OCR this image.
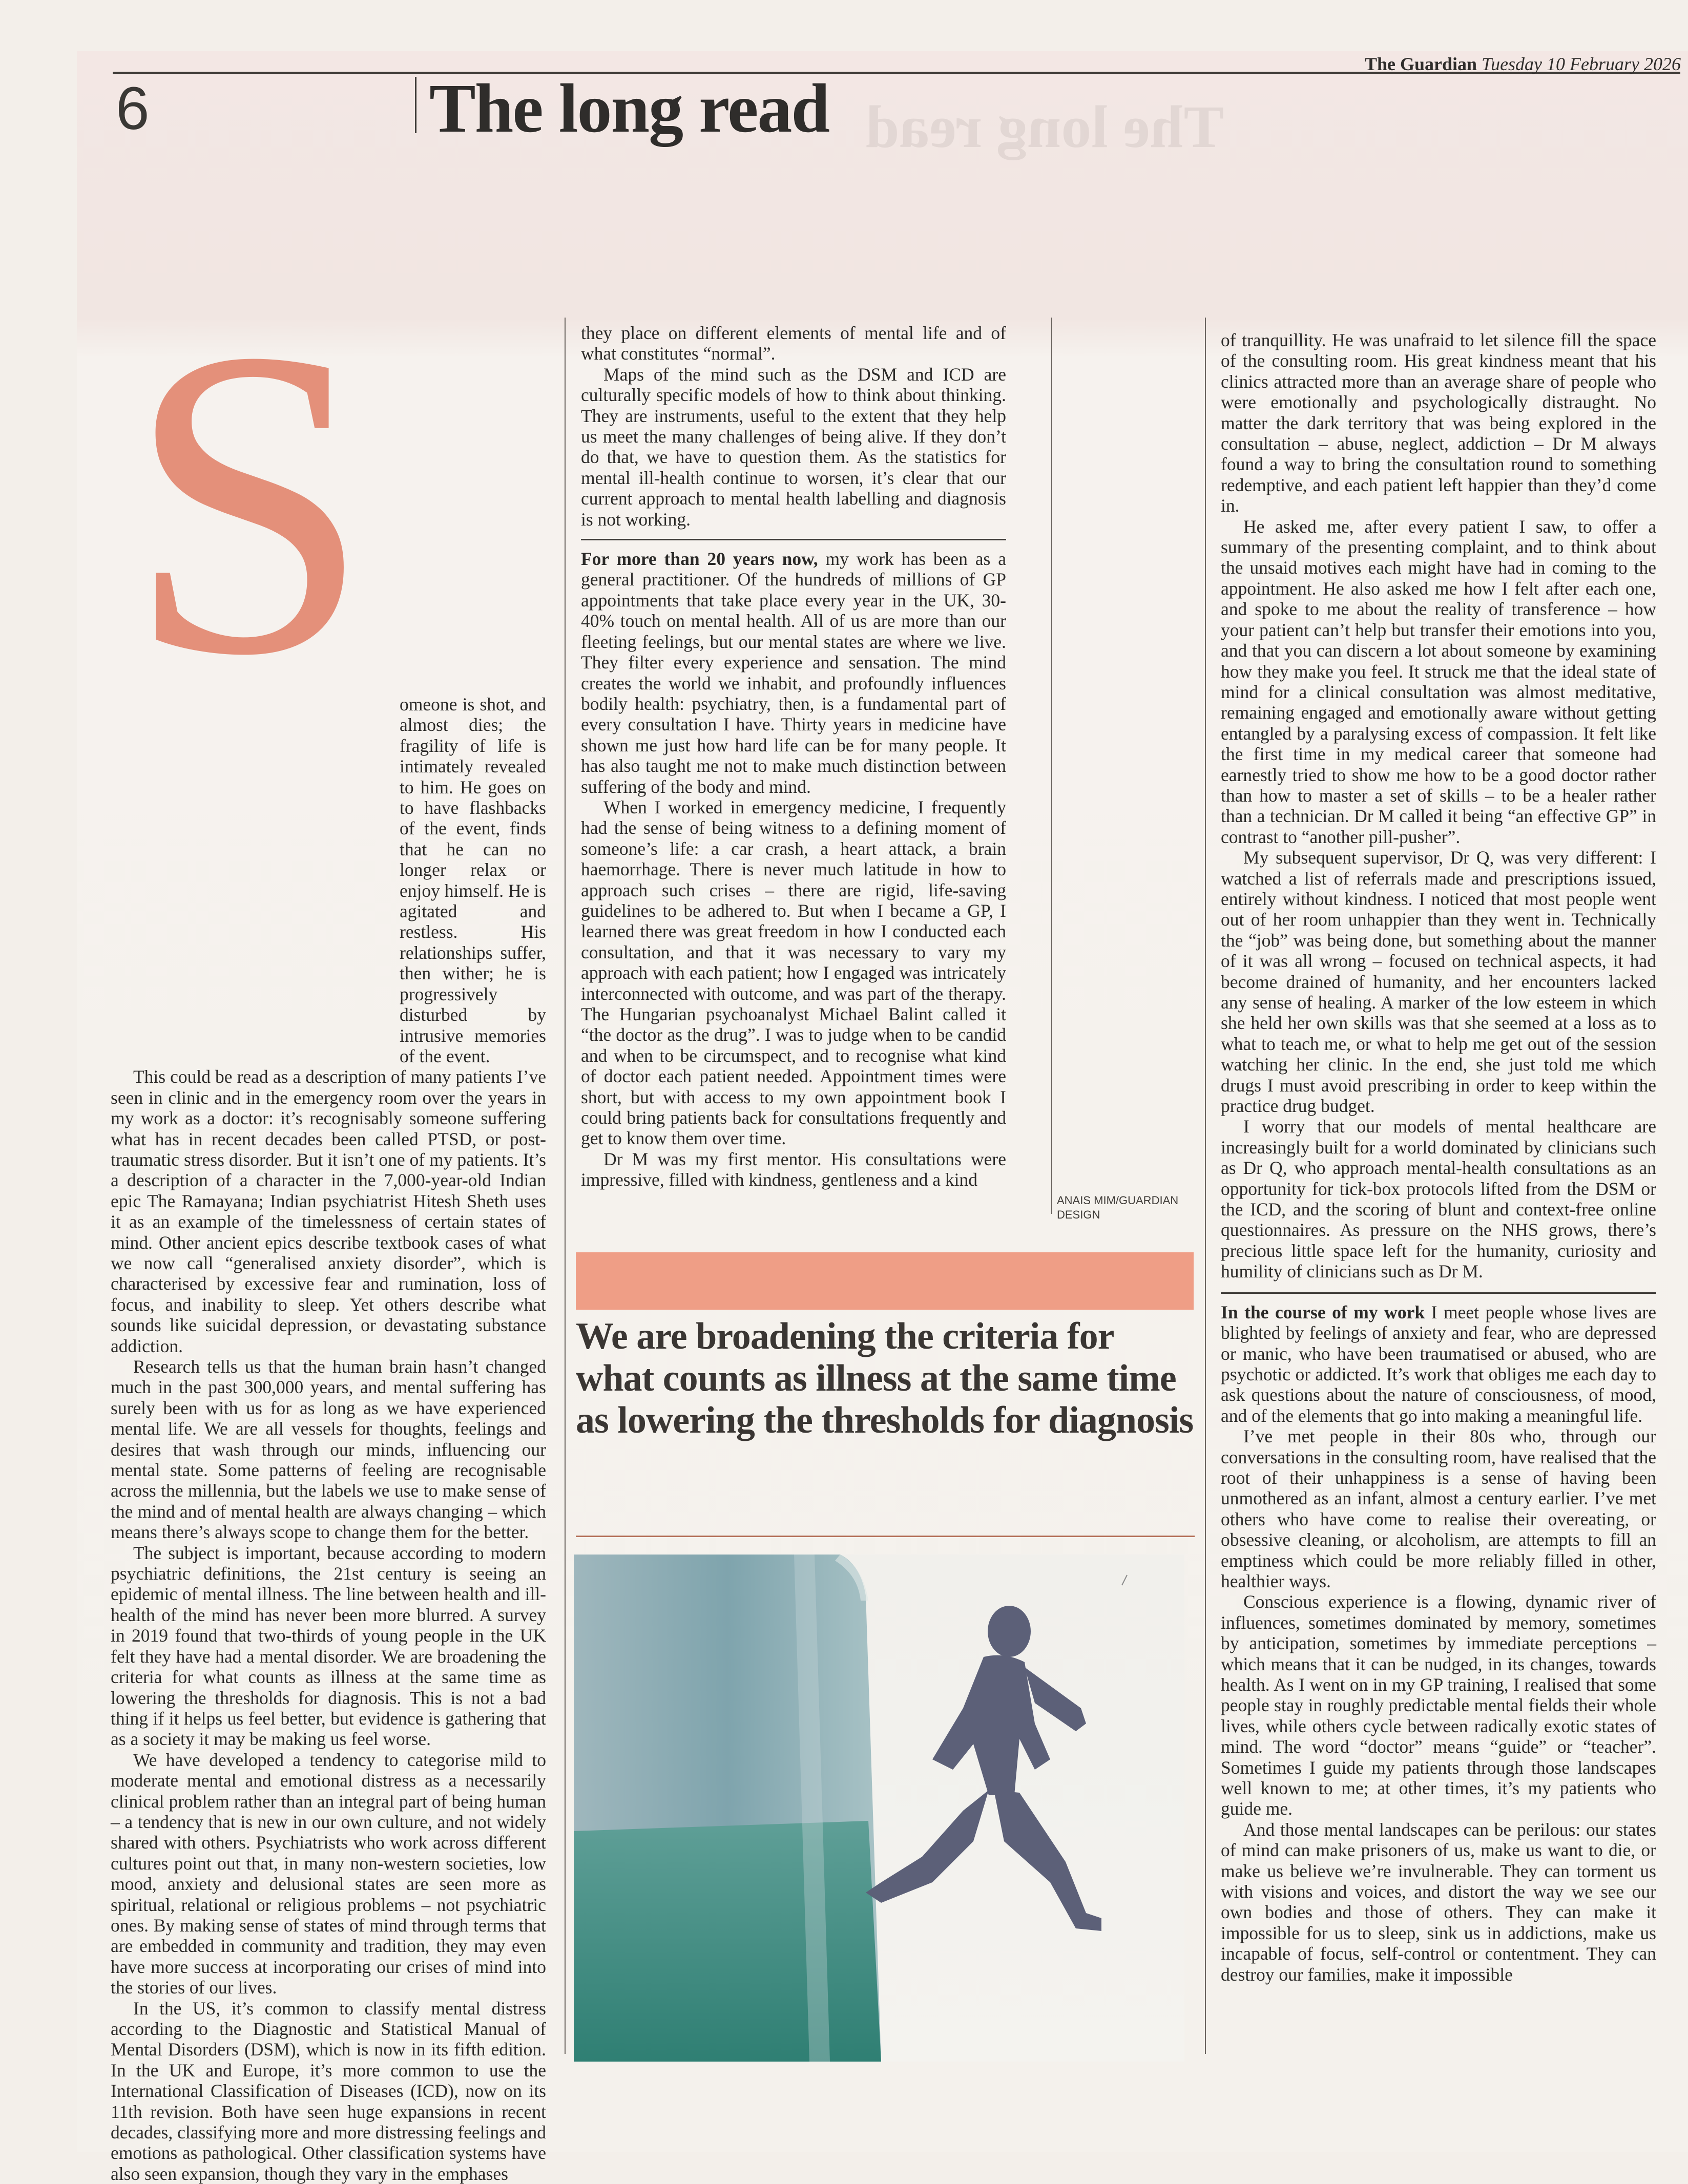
The long read
The Guardian Tuesday 10 February 2026
6	The long read
S	omeone is shot, and almost dies; the fragility of life is intimately revealed to him. He goes on to have flashbacks of the event, finds that he can no longer relax or enjoy himself. He is agitated and restless. His relationships suffer, then wither; he is progressively disturbed by intrusive memories of the event.

This could be read as a description of many patients I’ve seen in clinic and in the emergency room over the years in my work as a doctor: it’s recognisably someone suffering what has in recent decades been called PTSD, or post-traumatic stress disorder. But it isn’t one of my patients. It’s a description of a character in the 7,000-year-old Indian epic The Ramayana; Indian psychiatrist Hitesh Sheth uses it as an example of the timelessness of certain states of mind. Other ancient epics describe textbook cases of what we now call “generalised anxiety disorder”, which is characterised by excessive fear and rumination, loss of focus, and inability to sleep. Yet others describe what sounds like suicidal depression, or devastating substance addiction.

Research tells us that the human brain hasn’t changed much in the past 300,000 years, and mental suffering has surely been with us for as long as we have experienced mental life. We are all vessels for thoughts, feelings and desires that wash through our minds, influencing our mental state. Some patterns of feeling are recognisable across the millennia, but the labels we use to make sense of the mind and of mental health are always changing – which means there’s always scope to change them for the better.

The subject is important, because according to modern psychiatric definitions, the 21st century is seeing an epidemic of mental illness. The line between health and ill-health of the mind has never been more blurred. A survey in 2019 found that two-thirds of young people in the UK felt they have had a mental disorder. We are broadening the criteria for what counts as illness at the same time as lowering the thresholds for diagnosis. This is not a bad thing if it helps us feel better, but evidence is gathering that as a society it may be making us feel worse.

We have developed a tendency to categorise mild to moderate mental and emotional distress as a necessarily clinical problem rather than an integral part of being human – a tendency that is new in our own culture, and not widely shared with others. Psychiatrists who work across different cultures point out that, in many non-western societies, low mood, anxiety and delusional states are seen more as spiritual, relational or religious problems – not psychiatric ones. By making sense of states of mind through terms that are embedded in community and tradition, they may even have more success at incorporating our crises of mind into the stories of our lives.

In the US, it’s common to classify mental distress according to the Diagnostic and Statistical Manual of Mental Disorders (DSM), which is now in its fifth edition. In the UK and Europe, it’s more common to use the International Classification of Diseases (ICD), now on its 11th revision. Both have seen huge expansions in recent decades, classifying more and more distressing feelings and emotions as pathological. Other classification systems have also seen expansion, though they vary in the emphases

they place on different elements of mental life and of what constitutes “normal”.

Maps of the mind such as the DSM and ICD are culturally specific models of how to think about thinking. They are instruments, useful to the extent that they help us meet the many challenges of being alive. If they don’t do that, we have to question them. As the statistics for mental ill-health continue to worsen, it’s clear that our current approach to mental health labelling and diagnosis is not working.

For more than 20 years now, my work has been as a general practitioner. Of the hundreds of millions of GP appointments that take place every year in the UK, 30-40% touch on mental health. All of us are more than our fleeting feelings, but our mental states are where we live. They filter every experience and sensation. The mind creates the world we inhabit, and profoundly influences bodily health: psychiatry, then, is a fundamental part of every consultation I have. Thirty years in medicine have shown me just how hard life can be for many people. It has also taught me not to make much distinction between suffering of the body and mind.

When I worked in emergency medicine, I frequently had the sense of being witness to a defining moment of someone’s life: a car crash, a heart attack, a brain haemorrhage. There is never much latitude in how to approach such crises – there are rigid, life-saving guidelines to be adhered to. But when I became a GP, I learned there was great freedom in how I conducted each consultation, and that it was necessary to vary my approach with each patient; how I engaged was intricately interconnected with outcome, and was part of the therapy. The Hungarian psychoanalyst Michael Balint called it “the doctor as the drug”. I was to judge when to be candid and when to be circumspect, and to recognise what kind of doctor each patient needed. Appointment times were short, but with access to my own appointment book I could bring patients back for consultations frequently and get to know them over time.

Dr M was my first mentor. His consultations were impressive, filled with kindness, gentleness and a kind

of tranquillity. He was unafraid to let silence fill the space of the consulting room. His great kindness meant that his clinics attracted more than an average share of people who were emotionally and psychologically distraught. No matter the dark territory that was being explored in the consultation – abuse, neglect, addiction – Dr M always found a way to bring the consultation round to something redemptive, and each patient left happier than they’d come in.

He asked me, after every patient I saw, to offer a summary of the presenting complaint, and to think about the unsaid motives each might have had in coming to the appointment. He also asked me how I felt after each one, and spoke to me about the reality of transference – how your patient can’t help but transfer their emotions into you, and that you can discern a lot about someone by examining how they make you feel. It struck me that the ideal state of mind for a clinical consultation was almost meditative, remaining engaged and emotionally aware without getting entangled by a paralysing excess of compassion. It felt like the first time in my medical career that someone had earnestly tried to show me how to be a good doctor rather than how to master a set of skills – to be a healer rather than a technician. Dr M called it being “an effective GP” in contrast to “another pill-pusher”.

My subsequent supervisor, Dr Q, was very different: I watched a list of referrals made and prescriptions issued, entirely without kindness. I noticed that most people went out of her room unhappier than they went in. Technically the “job” was being done, but something about the manner of it was all wrong – focused on technical aspects, it had become drained of humanity, and her encounters lacked any sense of healing. A marker of the low esteem in which she held her own skills was that she seemed at a loss as to what to teach me, or what to help me get out of the session watching her clinic. In the end, she just told me which drugs I must avoid prescribing in order to keep within the practice drug budget.

I worry that our models of mental healthcare are increasingly built for a world dominated by clinicians such as Dr Q, who approach mental-health consultations as an opportunity for tick-box protocols lifted from the DSM or the ICD, and the scoring of blunt and context-free online questionnaires. As pressure on the NHS grows, there’s precious little space left for the humanity, curiosity and humility of clinicians such as Dr M.

In the course of my work I meet people whose lives are blighted by feelings of anxiety and fear, who are depressed or manic, who have been traumatised or abused, who are psychotic or addicted. It’s work that obliges me each day to ask questions about the nature of consciousness, of mood, and of the elements that go into making a meaningful life.

I’ve met people in their 80s who, through our conversations in the consulting room, have realised that the root of their unhappiness is a sense of having been unmothered as an infant, almost a century earlier. I’ve met others who have come to realise their overeating, or obsessive cleaning, or alcoholism, are attempts to fill an emptiness which could be more reliably filled in other, healthier ways.

Conscious experience is a flowing, dynamic river of influences, sometimes dominated by memory, sometimes by anticipation, sometimes by immediate perceptions – which means that it can be nudged, in its changes, towards health. As I went on in my GP training, I realised that some people stay in roughly predictable mental fields their whole lives, while others cycle between radically exotic states of mind. The word “doctor” means “guide” or “teacher”. Sometimes I guide my patients through those landscapes well known to me; at other times, it’s my patients who guide me.

And those mental landscapes can be perilous: our states of mind can make prisoners of us, make us want to die, or make us believe we’re invulnerable. They can torment us with visions and voices, and distort the way we see our own bodies and those of others. They can make it impossible for us to sleep, sink us in addictions, make us incapable of focus, self-control or contentment. They can destroy our families, make it impossible

ANAIS MIM/GUARDIAN DESIGN
We are broadening the criteria for what counts as illness at the same time as lowering the thresholds for diagnosis
